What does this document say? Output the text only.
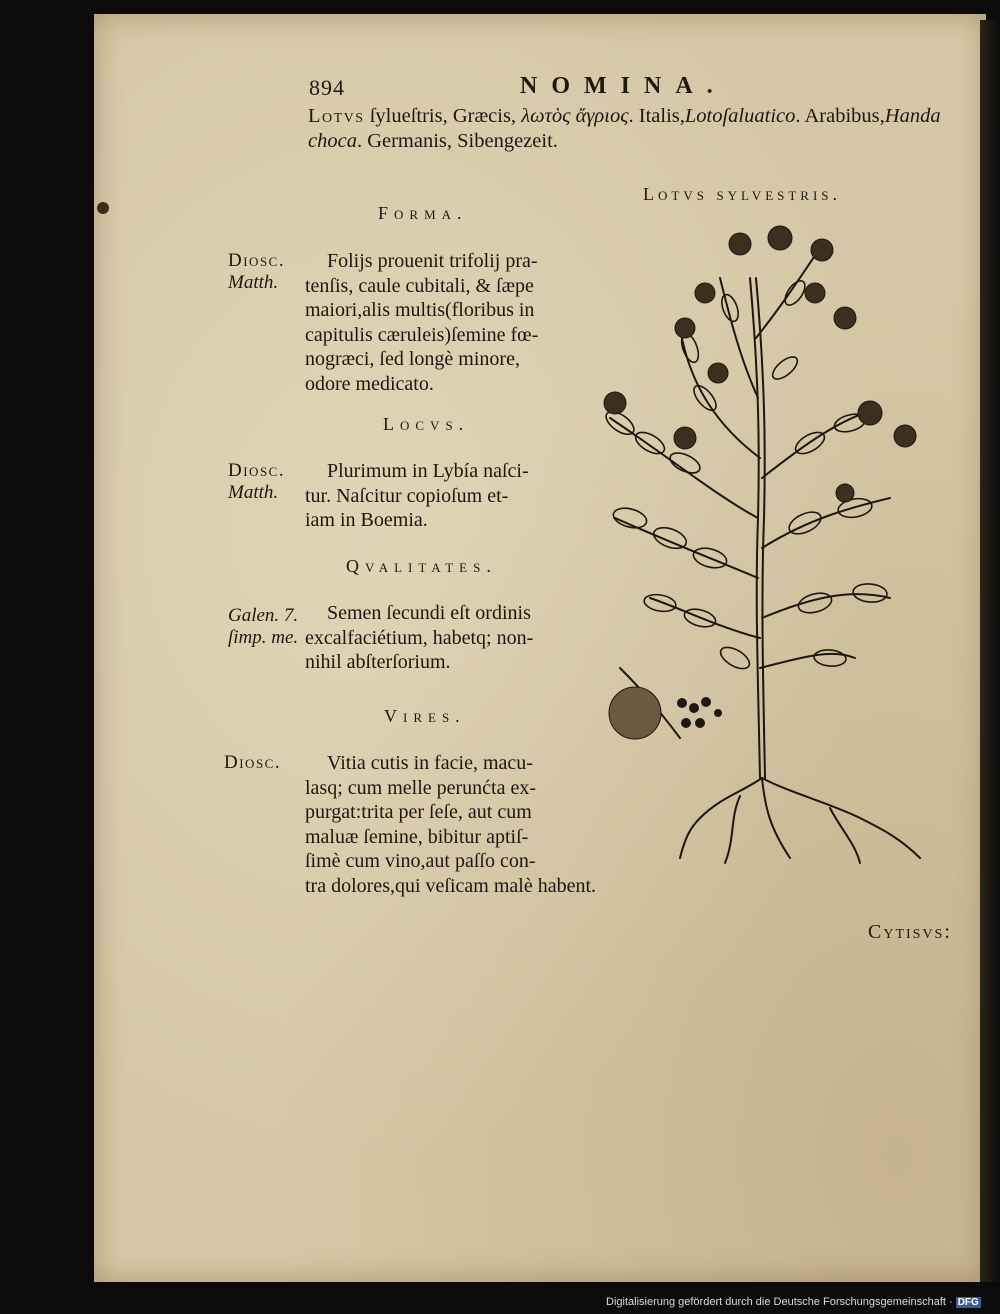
894	NOMINA.
Lotvs ſylueſtris, Græcis, λωτὸς ἄγριος. Italis,Lotoſaluatico. Arabibus,Handa
choca. Germanis, Sibengezeit.
Lotvs sylvestris.
Forma.
Locvs.
Qvalitates.
Vires.
Diosc.
Matth.
Diosc.
Matth.
Galen. 7.
ſimp. me.
Diosc.
Folijs prouenit trifolij pra-
tenſis, caule cubitali, & ſæpe
maiori,alis multis(floribus in
capitulis cæruleis)ſemine fœ-
nogræci, ſed longè minore,
odore medicato.
Plurimum in Lybía naſci-
tur. Naſcitur copioſum et-
iam in Boemia.
Semen ſecundi eſt ordinis
excalfaciétium, habetq; non-
nihil abſterſorium.
Vitia cutis in facie, macu-
lasq; cum melle perunćta ex-
purgat:trita per ſeſe, aut cum
maluæ ſemine, bibitur aptiſ-
ſimè cum vino,aut paſſo con-
tra dolores,qui veſicam malè habent.
Cytisvs:
Digitalisierung gefördert durch die Deutsche Forschungsgemeinschaft · DFG
